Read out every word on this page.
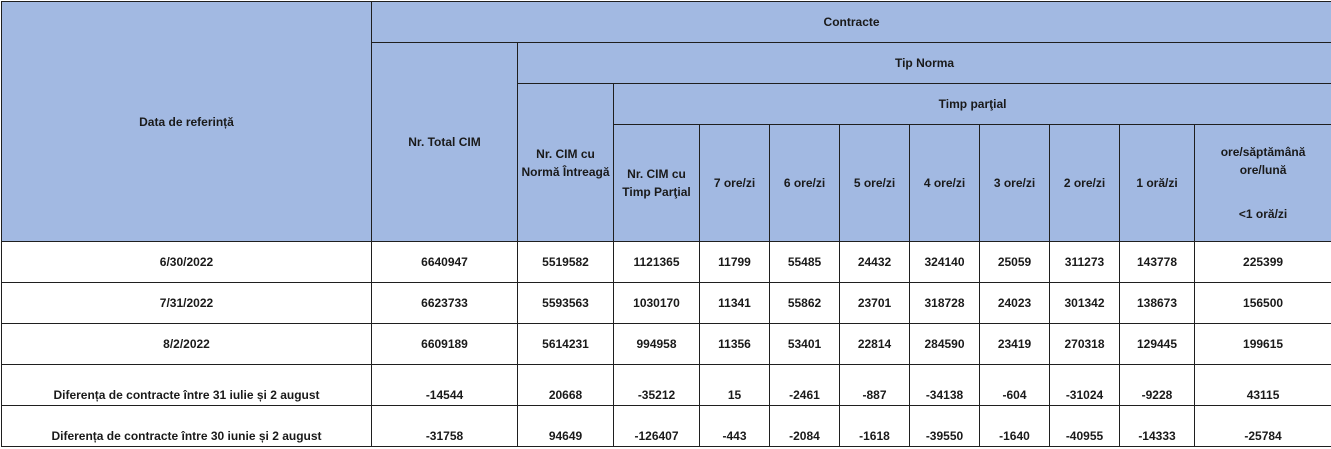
Data de referință	Contracte										
	Nr. Total CIM	Tip Norma									
		Nr. CIM cu Normă Întreagă	Timp parţial								
			Nr. CIM cu Timp Parţial	7 ore/zi	6 ore/zi	5 ore/zi	4 ore/zi	3 ore/zi	2 ore/zi	1 oră/zi	ore/săptămână
ore/lună
<1 oră/zi

6/30/2022	6640947	5519582	1121365	11799	55485	24432	324140	25059	311273	143778	225399
7/31/2022	6623733	5593563	1030170	11341	55862	23701	318728	24023	301342	138673	156500
8/2/2022	6609189	5614231	994958	11356	53401	22814	284590	23419	270318	129445	199615
Diferența de contracte între 31 iulie și 2 august	-14544	20668	-35212	15	-2461	-887	-34138	-604	-31024	-9228	43115
Diferența de contracte între 30 iunie și 2 august	-31758	94649	-126407	-443	-2084	-1618	-39550	-1640	-40955	-14333	-25784
